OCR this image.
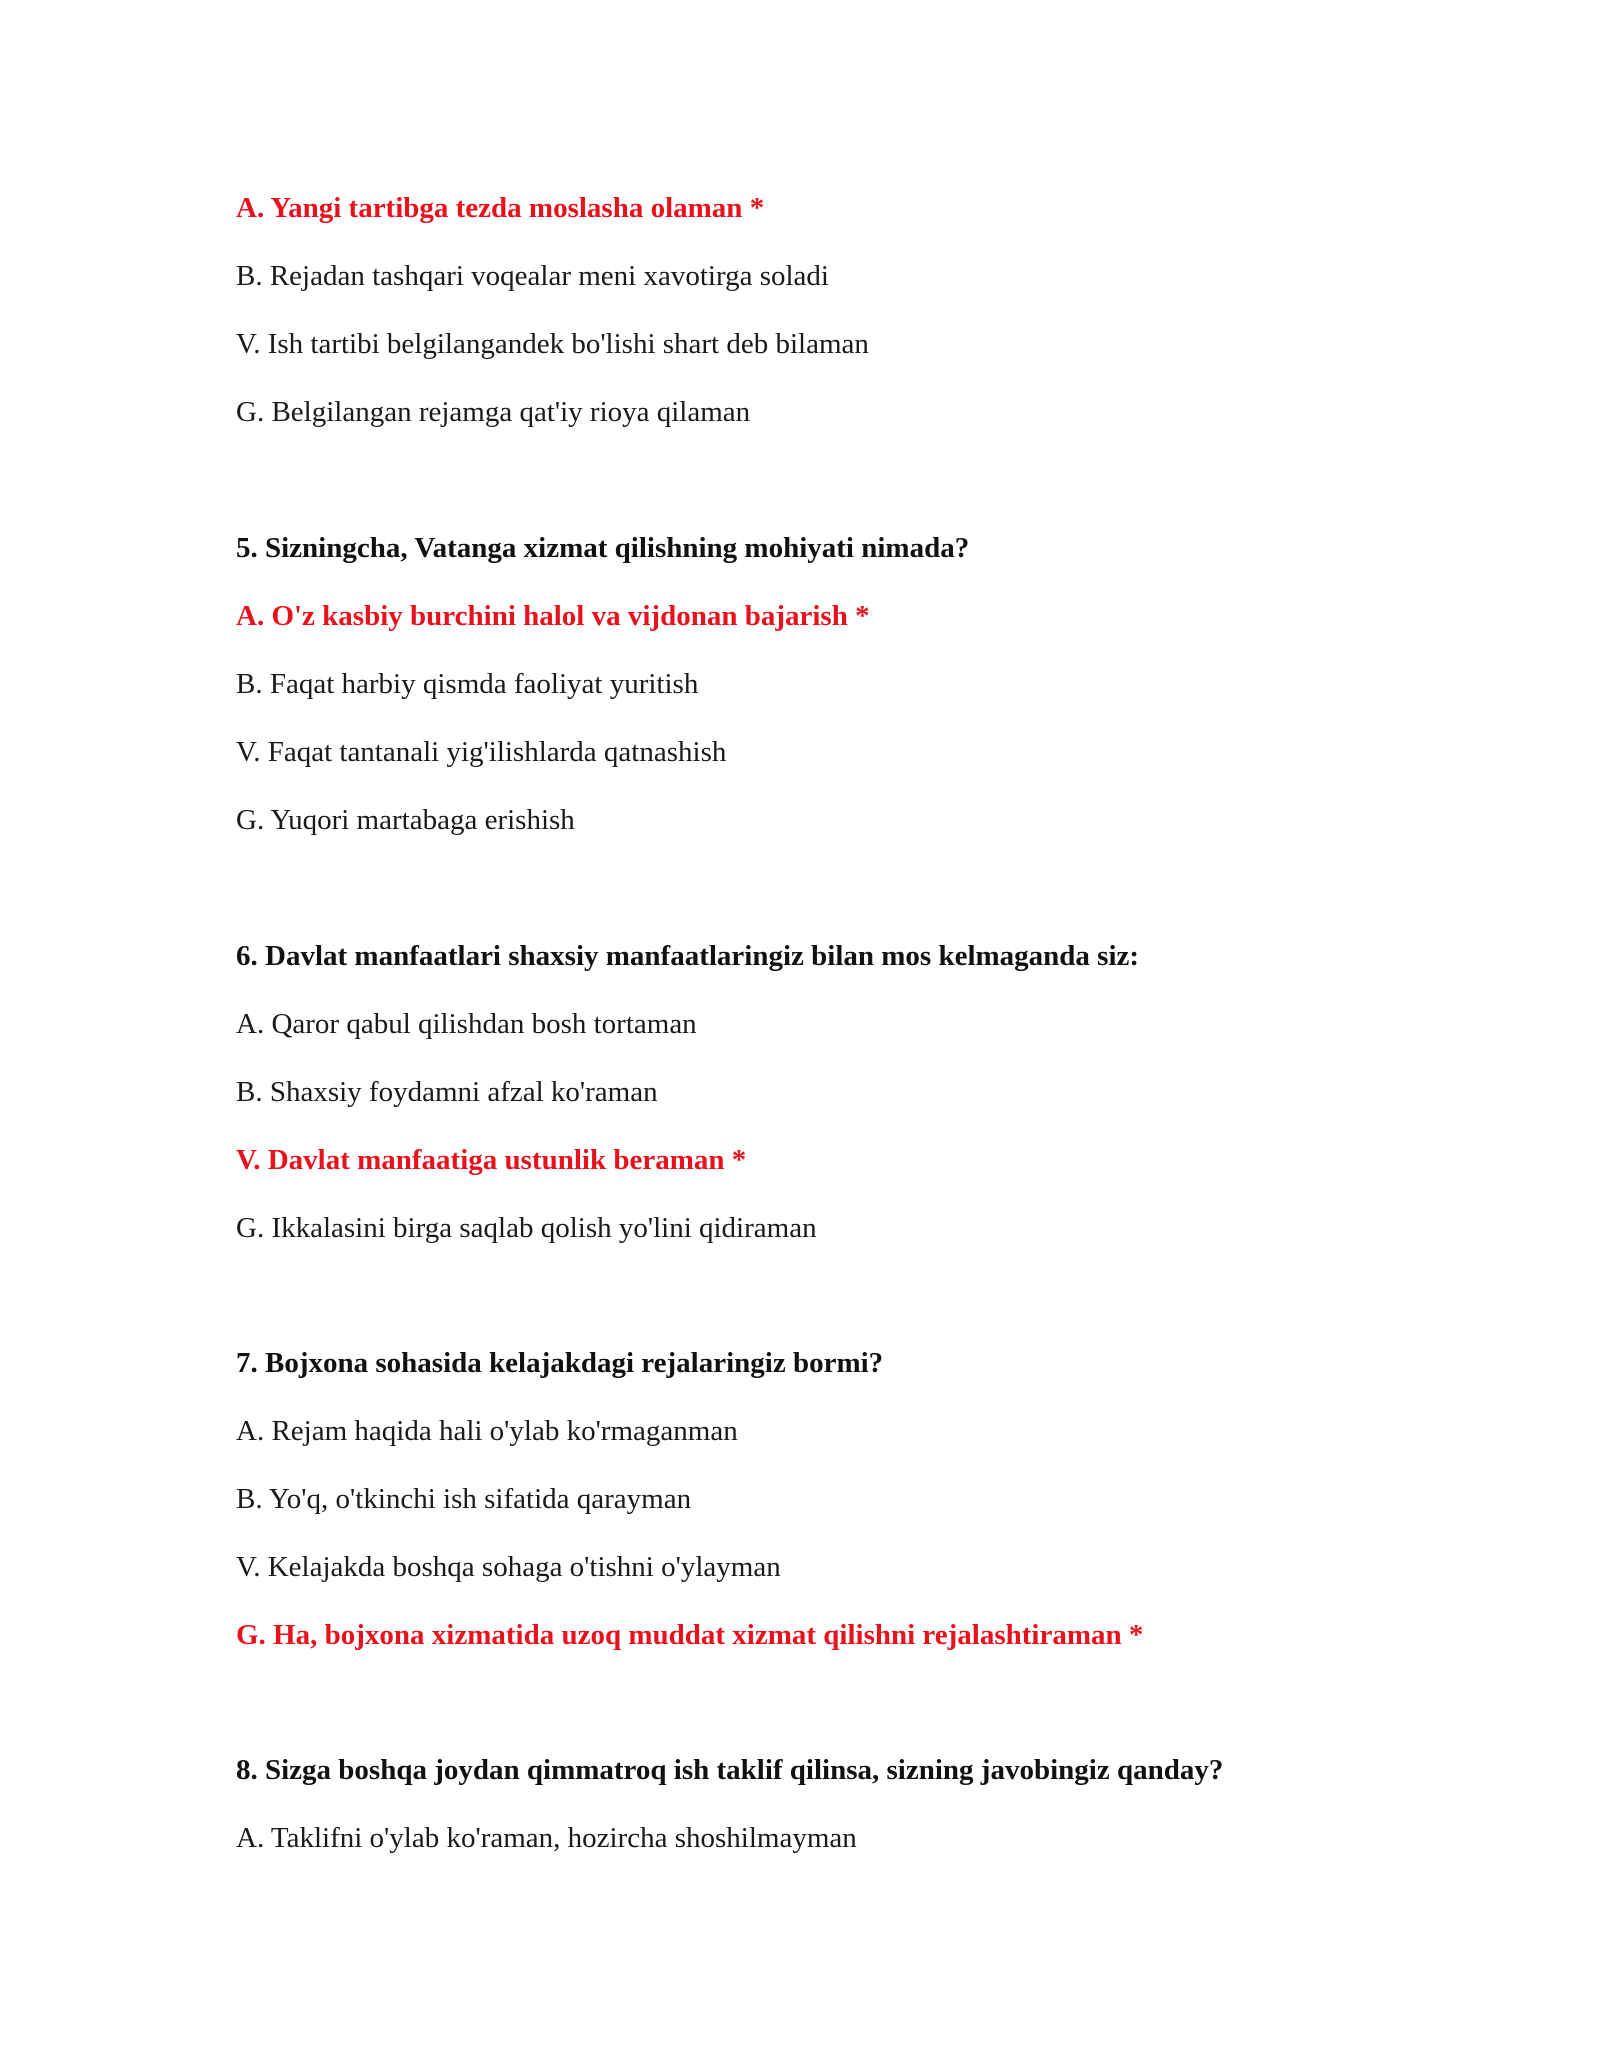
A. Yangi tartibga tezda moslasha olaman *
B. Rejadan tashqari voqealar meni xavotirga soladi
V. Ish tartibi belgilangandek bo'lishi shart deb bilaman
G. Belgilangan rejamga qat'iy rioya qilaman
5. Sizningcha, Vatanga xizmat qilishning mohiyati nimada?
A. O'z kasbiy burchini halol va vijdonan bajarish *
B. Faqat harbiy qismda faoliyat yuritish
V. Faqat tantanali yig'ilishlarda qatnashish
G. Yuqori martabaga erishish
6. Davlat manfaatlari shaxsiy manfaatlaringiz bilan mos kelmaganda siz:
A. Qaror qabul qilishdan bosh tortaman
B. Shaxsiy foydamni afzal ko'raman
V. Davlat manfaatiga ustunlik beraman *
G. Ikkalasini birga saqlab qolish yo'lini qidiraman
7. Bojxona sohasida kelajakdagi rejalaringiz bormi?
A. Rejam haqida hali o'ylab ko'rmaganman
B. Yo'q, o'tkinchi ish sifatida qarayman
V. Kelajakda boshqa sohaga o'tishni o'ylayman
G. Ha, bojxona xizmatida uzoq muddat xizmat qilishni rejalashtiraman *
8. Sizga boshqa joydan qimmatroq ish taklif qilinsa, sizning javobingiz qanday?
A. Taklifni o'ylab ko'raman, hozircha shoshilmayman
